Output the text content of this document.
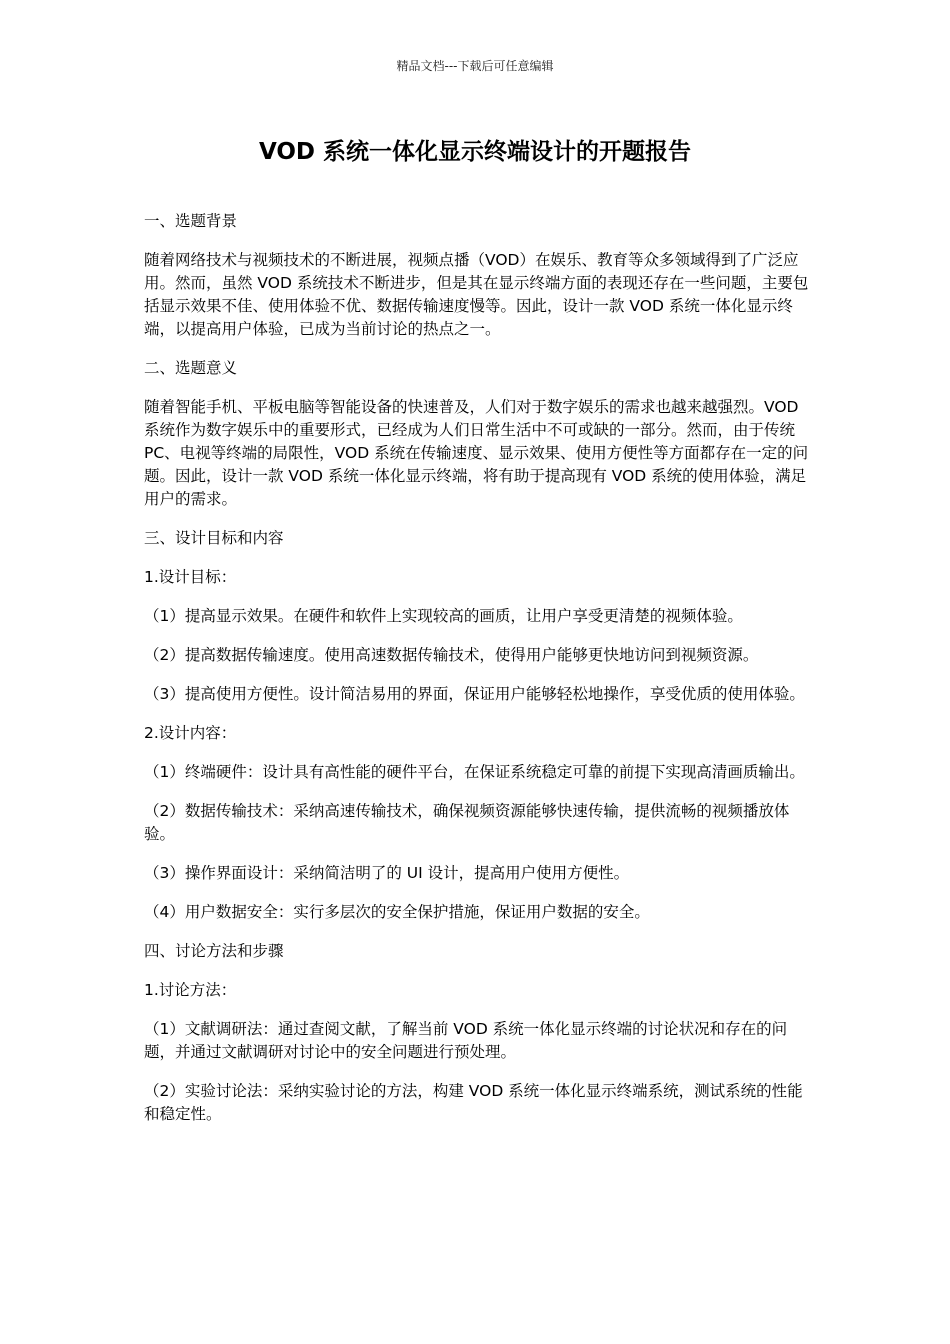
精品文档---下载后可任意编辑
VOD 系统一体化显示终端设计的开题报告

一、选题背景

随着网络技术与视频技术的不断进展，视频点播（VOD）在娱乐、教育等众多领域得到了广泛应用。然而，虽然 VOD 系统技术不断进步，但是其在显示终端方面的表现还存在一些问题，主要包括显示效果不佳、使用体验不优、数据传输速度慢等。因此，设计一款 VOD 系统一体化显示终端，以提高用户体验，已成为当前讨论的热点之一。

二、选题意义

随着智能手机、平板电脑等智能设备的快速普及，人们对于数字娱乐的需求也越来越强烈。VOD 系统作为数字娱乐中的重要形式，已经成为人们日常生活中不可或缺的一部分。然而，由于传统 PC、电视等终端的局限性，VOD 系统在传输速度、显示效果、使用方便性等方面都存在一定的问题。因此，设计一款 VOD 系统一体化显示终端，将有助于提高现有 VOD 系统的使用体验，满足用户的需求。

三、设计目标和内容

1.设计目标：

（1）提高显示效果。在硬件和软件上实现较高的画质，让用户享受更清楚的视频体验。

（2）提高数据传输速度。使用高速数据传输技术，使得用户能够更快地访问到视频资源。

（3）提高使用方便性。设计简洁易用的界面，保证用户能够轻松地操作，享受优质的使用体验。

2.设计内容：

（1）终端硬件：设计具有高性能的硬件平台，在保证系统稳定可靠的前提下实现高清画质输出。

（2）数据传输技术：采纳高速传输技术，确保视频资源能够快速传输，提供流畅的视频播放体验。

（3）操作界面设计：采纳简洁明了的 UI 设计，提高用户使用方便性。

（4）用户数据安全：实行多层次的安全保护措施，保证用户数据的安全。

四、讨论方法和步骤

1.讨论方法：

（1）文献调研法：通过查阅文献，了解当前 VOD 系统一体化显示终端的讨论状况和存在的问题，并通过文献调研对讨论中的安全问题进行预处理。

（2）实验讨论法：采纳实验讨论的方法，构建 VOD 系统一体化显示终端系统，测试系统的性能和稳定性。
